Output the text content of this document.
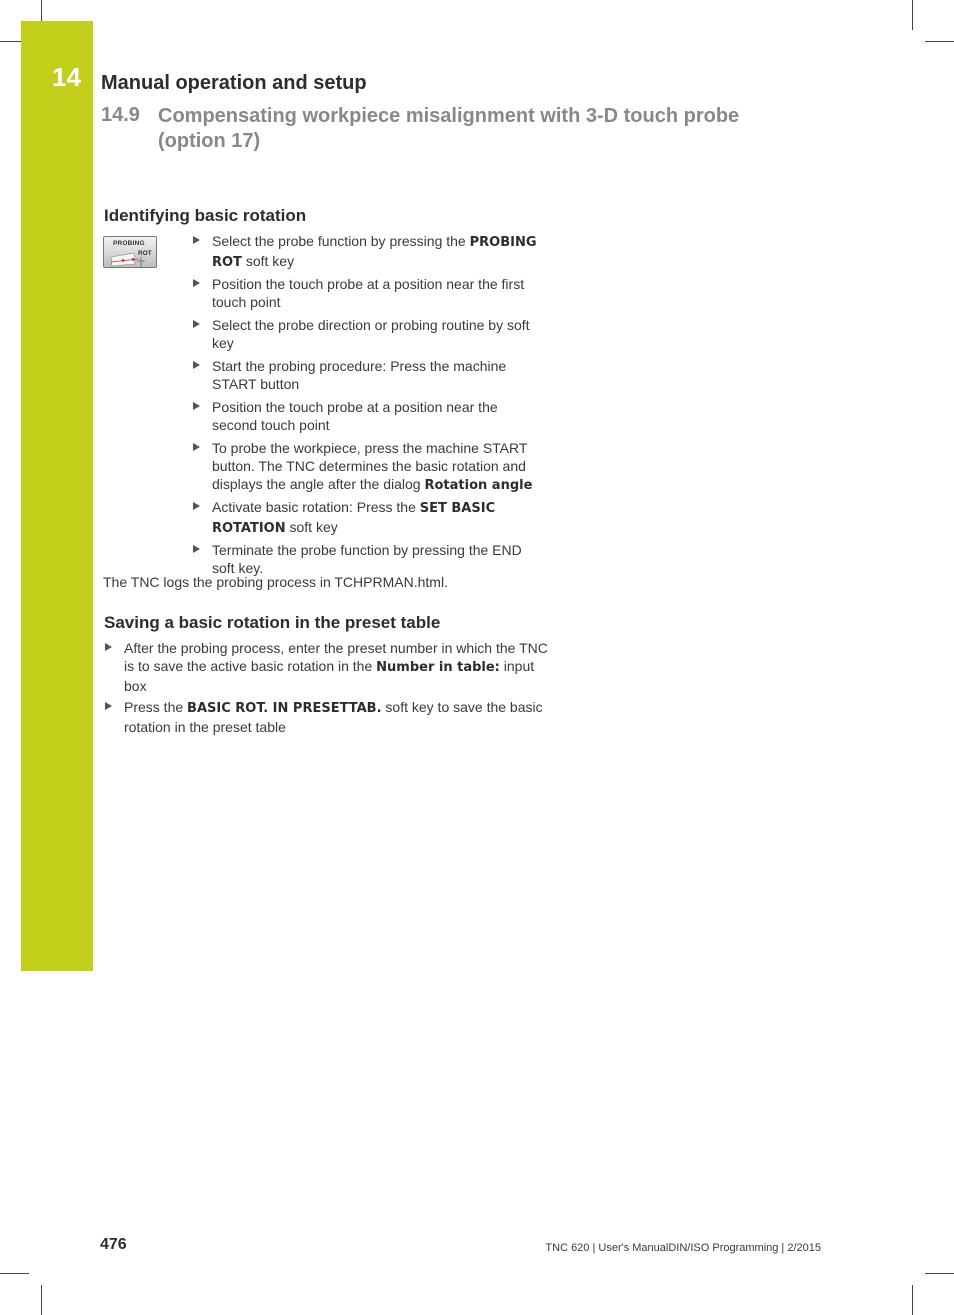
14 Manual operation and setup
14.9 Compensating workpiece misalignment with 3-D touch probe (option 17)
Identifying basic rotation
PROBING
ROT
Select the probe function by pressing the PROBING ROT soft key
Position the touch probe at a position near the first touch point
Select the probe direction or probing routine by soft key
Start the probing procedure: Press the machine START button
Position the touch probe at a position near the second touch point
To probe the workpiece, press the machine START button. The TNC determines the basic rotation and displays the angle after the dialog Rotation angle
Activate basic rotation: Press the SET BASIC ROTATION soft key
Terminate the probe function by pressing the END soft key.
The TNC logs the probing process in TCHPRMAN.html.
Saving a basic rotation in the preset table
After the probing process, enter the preset number in which the TNC is to save the active basic rotation in the Number in table: input box
Press the BASIC ROT. IN PRESETTAB. soft key to save the basic rotation in the preset table
476	TNC 620 | User's ManualDIN/ISO Programming | 2/2015
